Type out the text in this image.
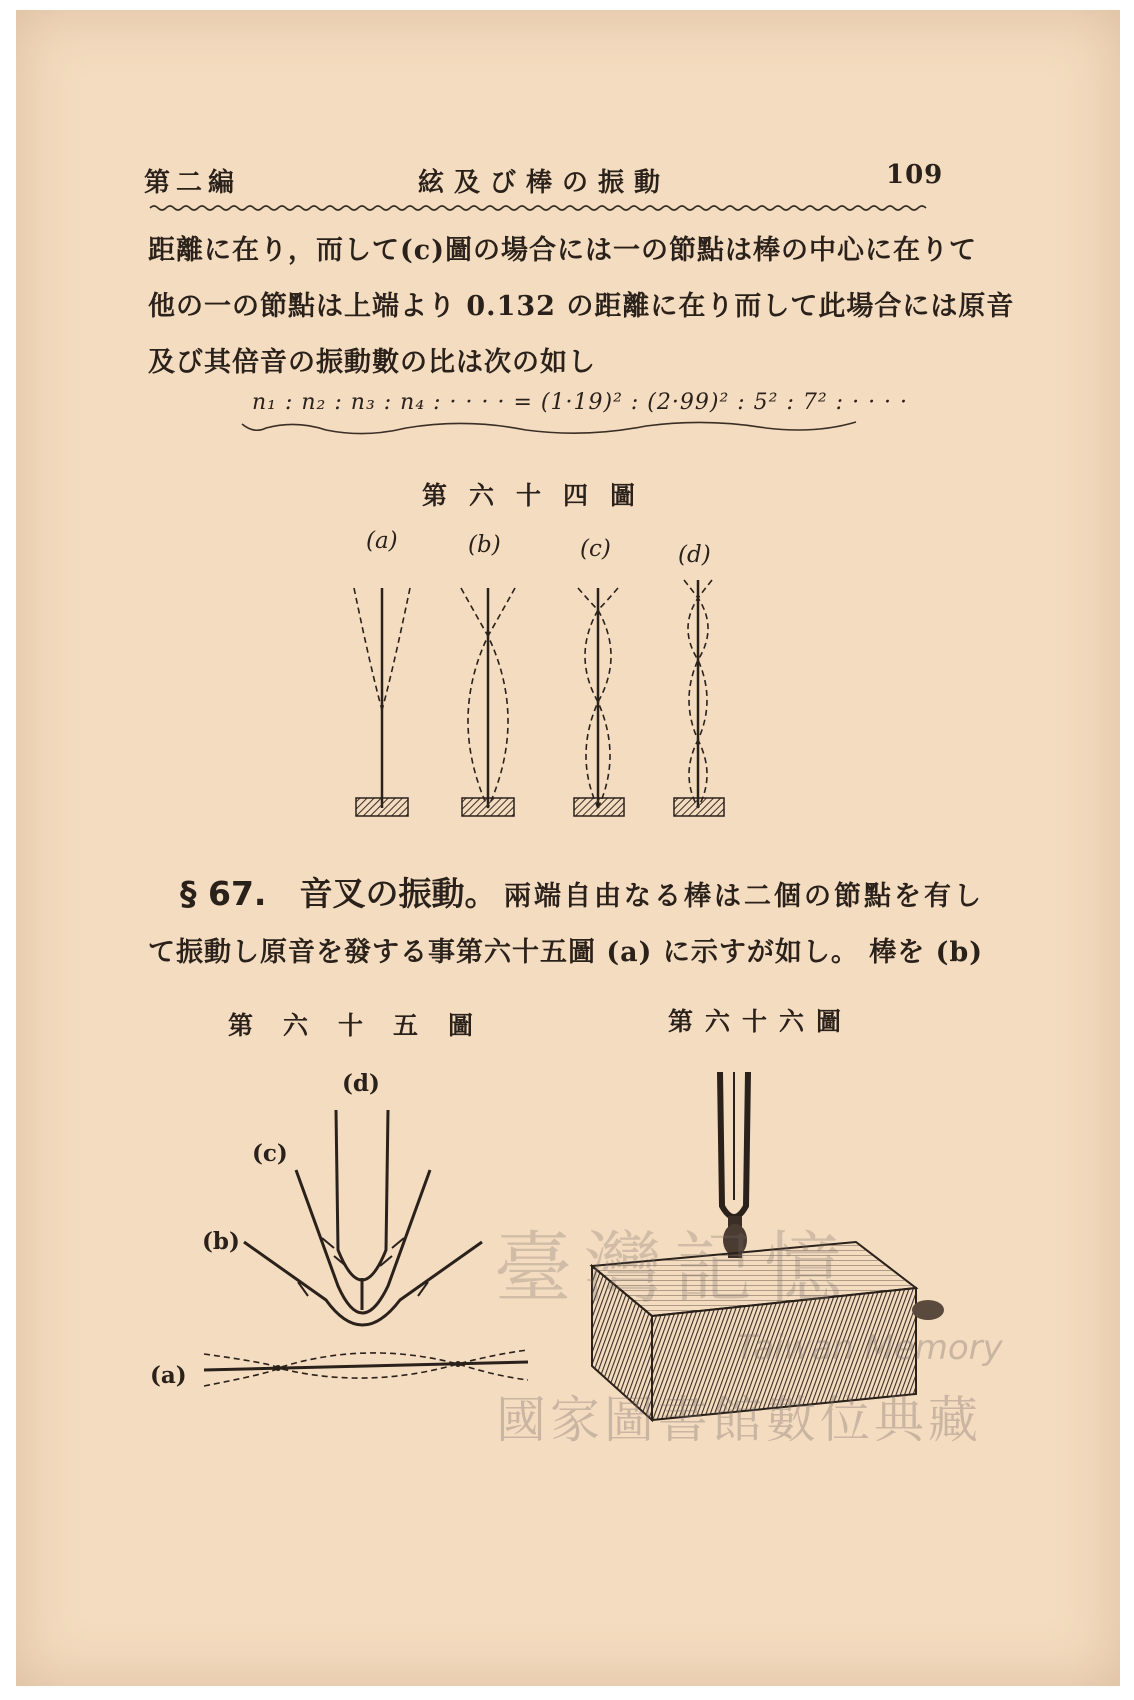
第二編	絃及び棒の振動	109
距離に在り，而して(c)圖の場合には一の節點は棒の中心に在りて
他の一の節點は上端より 0.132 の距離に在り而して此場合には原音
及び其倍音の振動數の比は次の如し
n₁ : n₂ : n₃ : n₄ : · · · · = (1·19)² : (2·99)² : 5² : 7² : · · · ·
第六十四圖
(a)	(b)	(c)	(d)
§ 67.　音叉の振動。 兩端自由なる棒は二個の節點を有し
て振動し原音を發する事第六十五圖 (a) に示すが如し。 棒を (b)
第六十五圖
(d)
(c)
(b)
(a)
第六十六圖
臺灣記憶
Taiwan Memory
國家圖書館數位典藏
